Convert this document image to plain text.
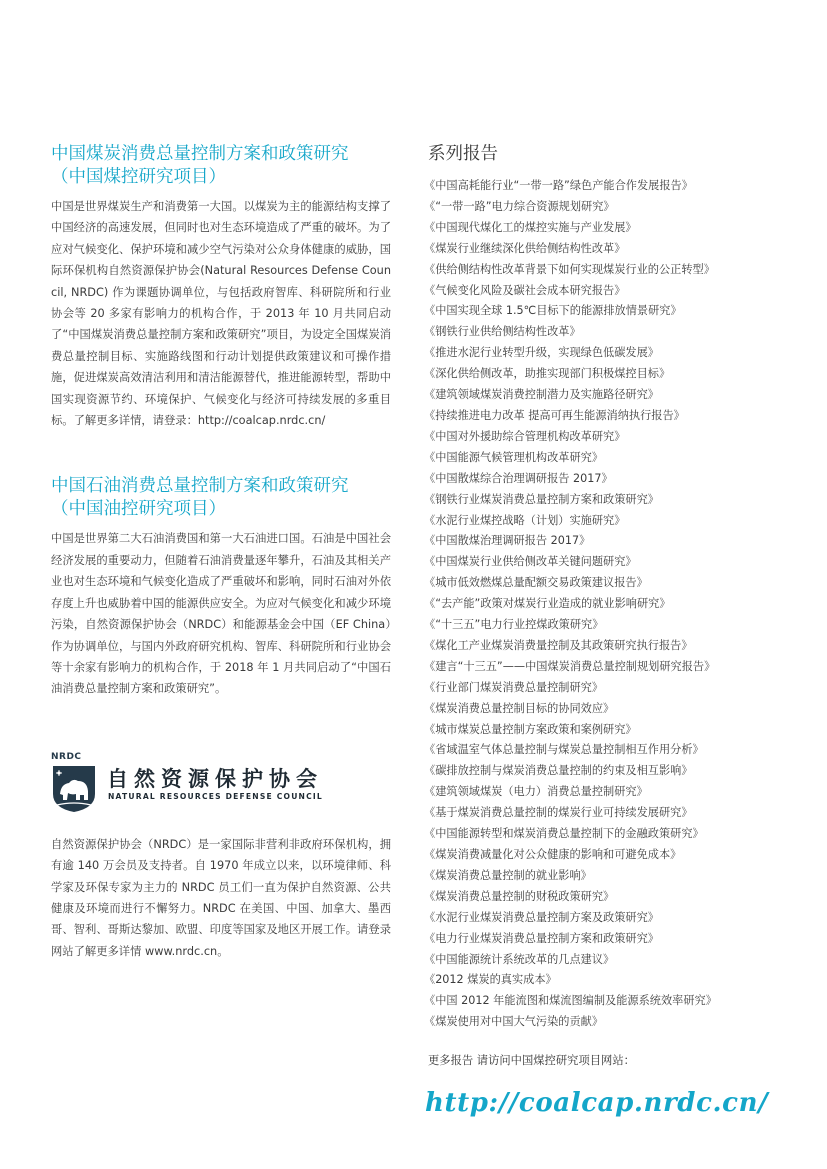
中国煤炭消费总量控制方案和政策研究
（中国煤控研究项目）

中国是世界煤炭生产和消费第一大国。以煤炭为主的能源结构支撑了中国经济的高速发展，但同时也对生态环境造成了严重的破坏。为了应对气候变化、保护环境和减少空气污染对公众身体健康的威胁，国际环保机构自然资源保护协会(Natural Resources Defense Council, NRDC) 作为课题协调单位，与包括政府智库、科研院所和行业协会等 20 多家有影响力的机构合作，于 2013 年 10 月共同启动了“中国煤炭消费总量控制方案和政策研究”项目，为设定全国煤炭消费总量控制目标、实施路线图和行动计划提供政策建议和可操作措施，促进煤炭高效清洁利用和清洁能源替代，推进能源转型，帮助中国实现资源节约、环境保护、气候变化与经济可持续发展的多重目标。了解更多详情，请登录：http://coalcap.nrdc.cn/

中国石油消费总量控制方案和政策研究
（中国油控研究项目）

中国是世界第二大石油消费国和第一大石油进口国。石油是中国社会经济发展的重要动力，但随着石油消费量逐年攀升，石油及其相关产业也对生态环境和气候变化造成了严重破坏和影响，同时石油对外依存度上升也威胁着中国的能源供应安全。为应对气候变化和减少环境污染，自然资源保护协会（NRDC）和能源基金会中国（EF China）作为协调单位，与国内外政府研究机构、智库、科研院所和行业协会等十余家有影响力的机构合作，于 2018 年 1 月共同启动了“中国石油消费总量控制方案和政策研究”。

NRDC
自然资源保护协会
NATURAL RESOURCES DEFENSE COUNCIL

自然资源保护协会（NRDC）是一家国际非营利非政府环保机构，拥有逾 140 万会员及支持者。自 1970 年成立以来，以环境律师、科学家及环保专家为主力的 NRDC 员工们一直为保护自然资源、公共健康及环境而进行不懈努力。NRDC 在美国、中国、加拿大、墨西哥、智利、哥斯达黎加、欧盟、印度等国家及地区开展工作。请登录网站了解更多详情 www.nrdc.cn。

系列报告
《中国高耗能行业“一带一路”绿色产能合作发展报告》
《“一带一路”电力综合资源规划研究》
《中国现代煤化工的煤控实施与产业发展》
《煤炭行业继续深化供给侧结构性改革》
《供给侧结构性改革背景下如何实现煤炭行业的公正转型》
《气候变化风险及碳社会成本研究报告》
《中国实现全球 1.5℃目标下的能源排放情景研究》
《钢铁行业供给侧结构性改革》
《推进水泥行业转型升级，实现绿色低碳发展》
《深化供给侧改革，助推实现部门积极煤控目标》
《建筑领域煤炭消费控制潜力及实施路径研究》
《持续推进电力改革 提高可再生能源消纳执行报告》
《中国对外援助综合管理机构改革研究》
《中国能源气候管理机构改革研究》
《中国散煤综合治理调研报告 2017》
《钢铁行业煤炭消费总量控制方案和政策研究》
《水泥行业煤控战略（计划）实施研究》
《中国散煤治理调研报告 2017》
《中国煤炭行业供给侧改革关键问题研究》
《城市低效燃煤总量配额交易政策建议报告》
《“去产能”政策对煤炭行业造成的就业影响研究》
《“十三五”电力行业控煤政策研究》
《煤化工产业煤炭消费量控制及其政策研究执行报告》
《建言“十三五”——中国煤炭消费总量控制规划研究报告》
《行业部门煤炭消费总量控制研究》
《煤炭消费总量控制目标的协同效应》
《城市煤炭总量控制方案政策和案例研究》
《省域温室气体总量控制与煤炭总量控制相互作用分析》
《碳排放控制与煤炭消费总量控制的约束及相互影响》
《建筑领域煤炭（电力）消费总量控制研究》
《基于煤炭消费总量控制的煤炭行业可持续发展研究》
《中国能源转型和煤炭消费总量控制下的金融政策研究》
《煤炭消费减量化对公众健康的影响和可避免成本》
《煤炭消费总量控制的就业影响》
《煤炭消费总量控制的财税政策研究》
《水泥行业煤炭消费总量控制方案及政策研究》
《电力行业煤炭消费总量控制方案和政策研究》
《中国能源统计系统改革的几点建议》
《2012 煤炭的真实成本》
《中国 2012 年能流图和煤流图编制及能源系统效率研究》
《煤炭使用对中国大气污染的贡献》
更多报告 请访问中国煤控研究项目网站：
http://coalcap.nrdc.cn/
